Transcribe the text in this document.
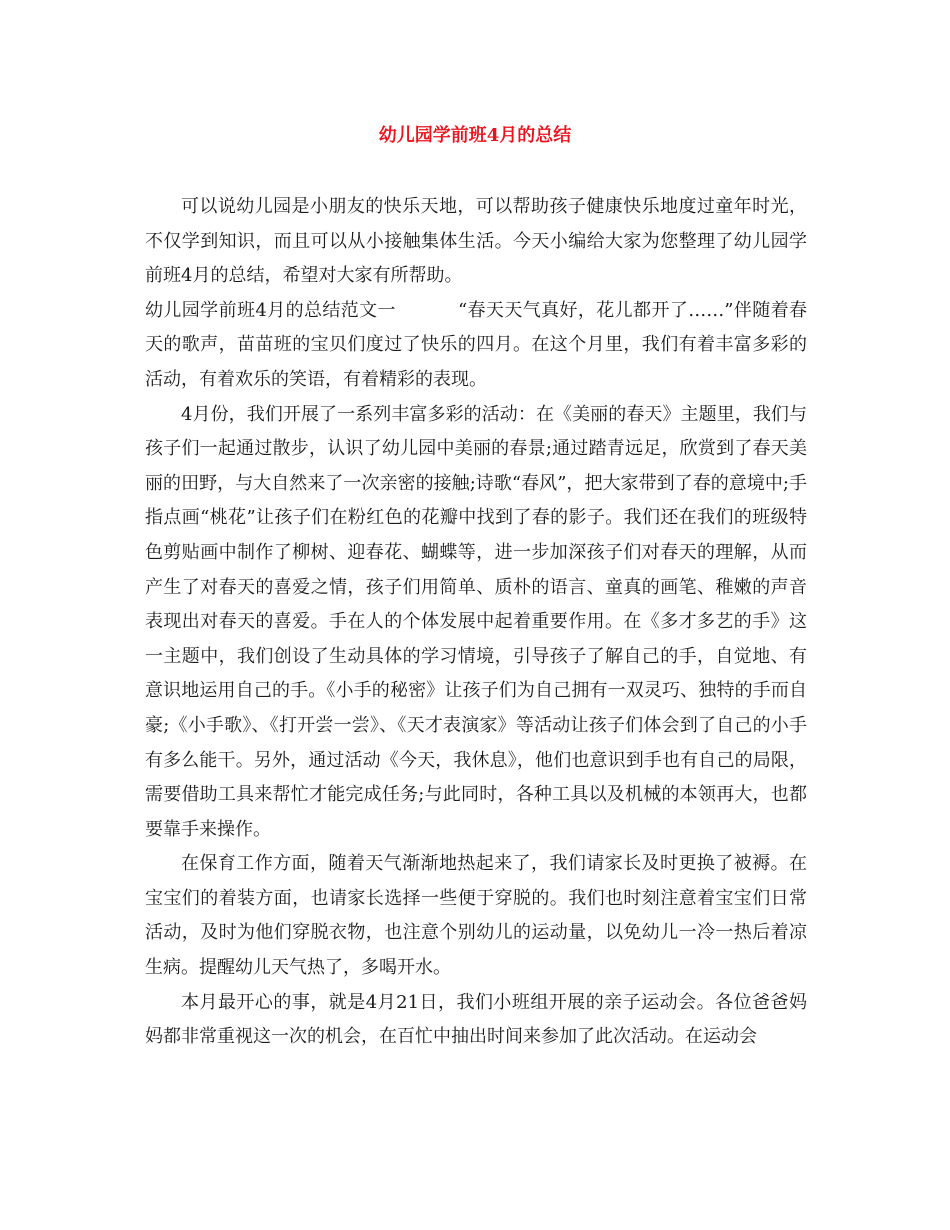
幼儿园学前班4月的总结

可以说幼儿园是小朋友的快乐天地，可以帮助孩子健康快乐地度过童年时光，不仅学到知识，而且可以从小接触集体生活。今天小编给大家为您整理了幼儿园学前班4月的总结，希望对大家有所帮助。

幼儿园学前班4月的总结范文一	“春天天气真好，花儿都开了……”伴随着春天的歌声，苗苗班的宝贝们度过了快乐的四月。在这个月里，我们有着丰富多彩的活动，有着欢乐的笑语，有着精彩的表现。

4月份，我们开展了一系列丰富多彩的活动：在《美丽的春天》主题里，我们与孩子们一起通过散步，认识了幼儿园中美丽的春景;通过踏青远足，欣赏到了春天美丽的田野，与大自然来了一次亲密的接触;诗歌“春风”，把大家带到了春的意境中;手指点画“桃花”让孩子们在粉红色的花瓣中找到了春的影子。我们还在我们的班级特色剪贴画中制作了柳树、迎春花、蝴蝶等，进一步加深孩子们对春天的理解，从而产生了对春天的喜爱之情，孩子们用简单、质朴的语言、童真的画笔、稚嫩的声音表现出对春天的喜爱。手在人的个体发展中起着重要作用。在《多才多艺的手》这一主题中，我们创设了生动具体的学习情境，引导孩子了解自己的手，自觉地、有意识地运用自己的手。《小手的秘密》让孩子们为自己拥有一双灵巧、独特的手而自豪;《小手歌》、《打开尝一尝》、《天才表演家》等活动让孩子们体会到了自己的小手有多么能干。另外，通过活动《今天，我休息》，他们也意识到手也有自己的局限，需要借助工具来帮忙才能完成任务;与此同时，各种工具以及机械的本领再大，也都要靠手来操作。

在保育工作方面，随着天气渐渐地热起来了，我们请家长及时更换了被褥。在宝宝们的着装方面，也请家长选择一些便于穿脱的。我们也时刻注意着宝宝们日常活动，及时为他们穿脱衣物，也注意个别幼儿的运动量，以免幼儿一冷一热后着凉生病。提醒幼儿天气热了，多喝开水。

本月最开心的事，就是4月21日，我们小班组开展的亲子运动会。各位爸爸妈妈都非常重视这一次的机会，在百忙中抽出时间来参加了此次活动。在运动会
